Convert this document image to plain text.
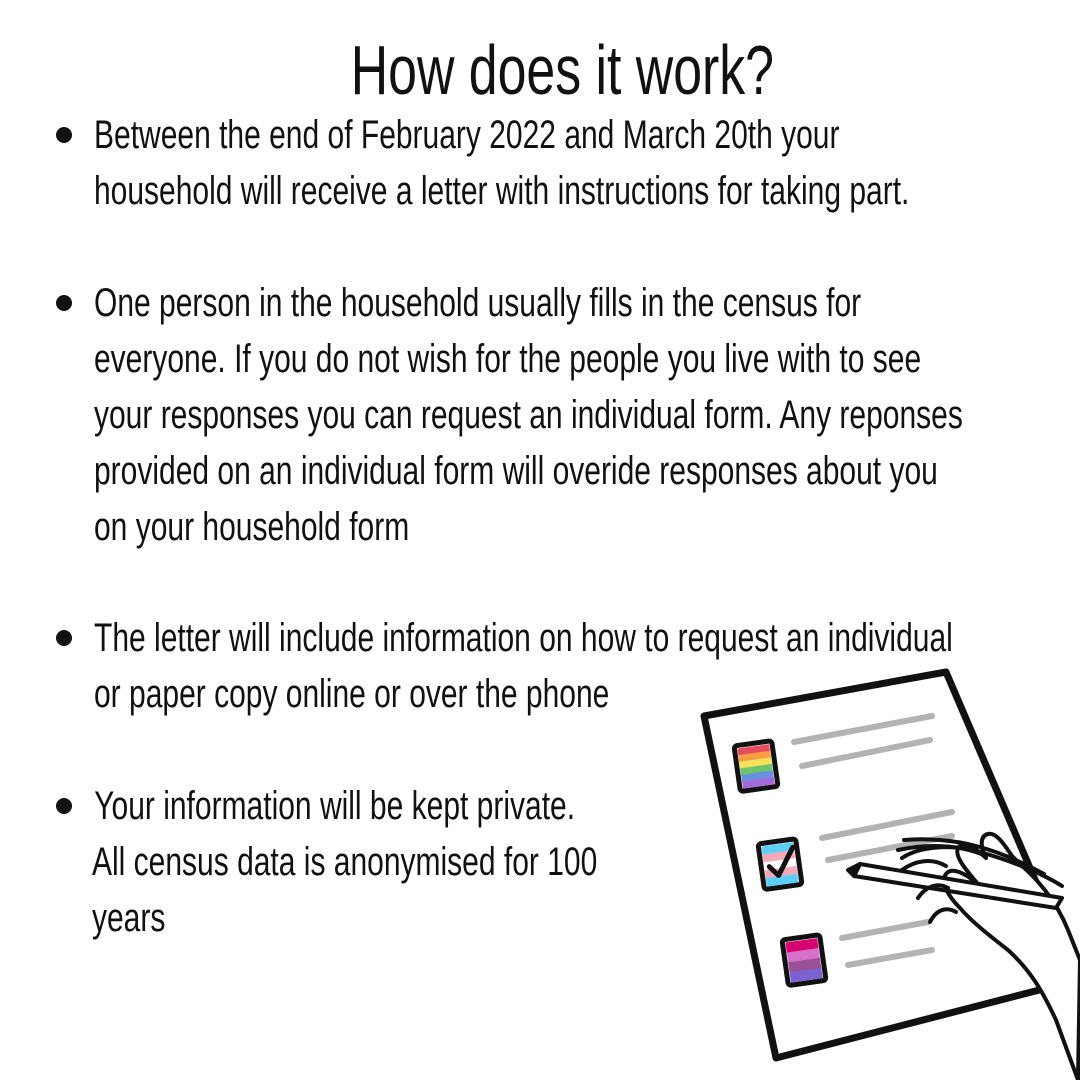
How does it work?
Between the end of February 2022 and March 20th your
household will receive a letter with instructions for taking part.
One person in the household usually fills in the census for
everyone. If you do not wish for the people you live with to see
your responses you can request an individual form. Any reponses
provided on an individual form will overide responses about you
on your household form
The letter will include information on how to request an individual
or paper copy online or over the phone
Your information will be kept private.
All census data is anonymised for 100
years
